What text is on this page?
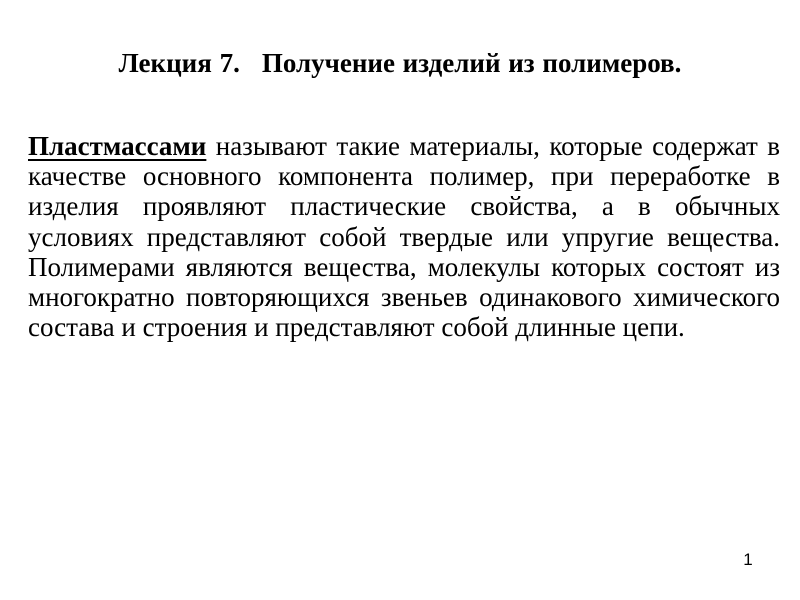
Лекция 7. Получение изделий из полимеров.
Пластмассами называют такие материалы, которые содержат в качестве основного компонента полимер, при переработке в изделия проявляют пластические свойства, а в обычных условиях представляют собой твердые или упругие вещества. Полимерами являются вещества, молекулы которых состоят из многократно повторяющихся звеньев одинакового химического состава и строения и представляют собой длинные цепи.
1
